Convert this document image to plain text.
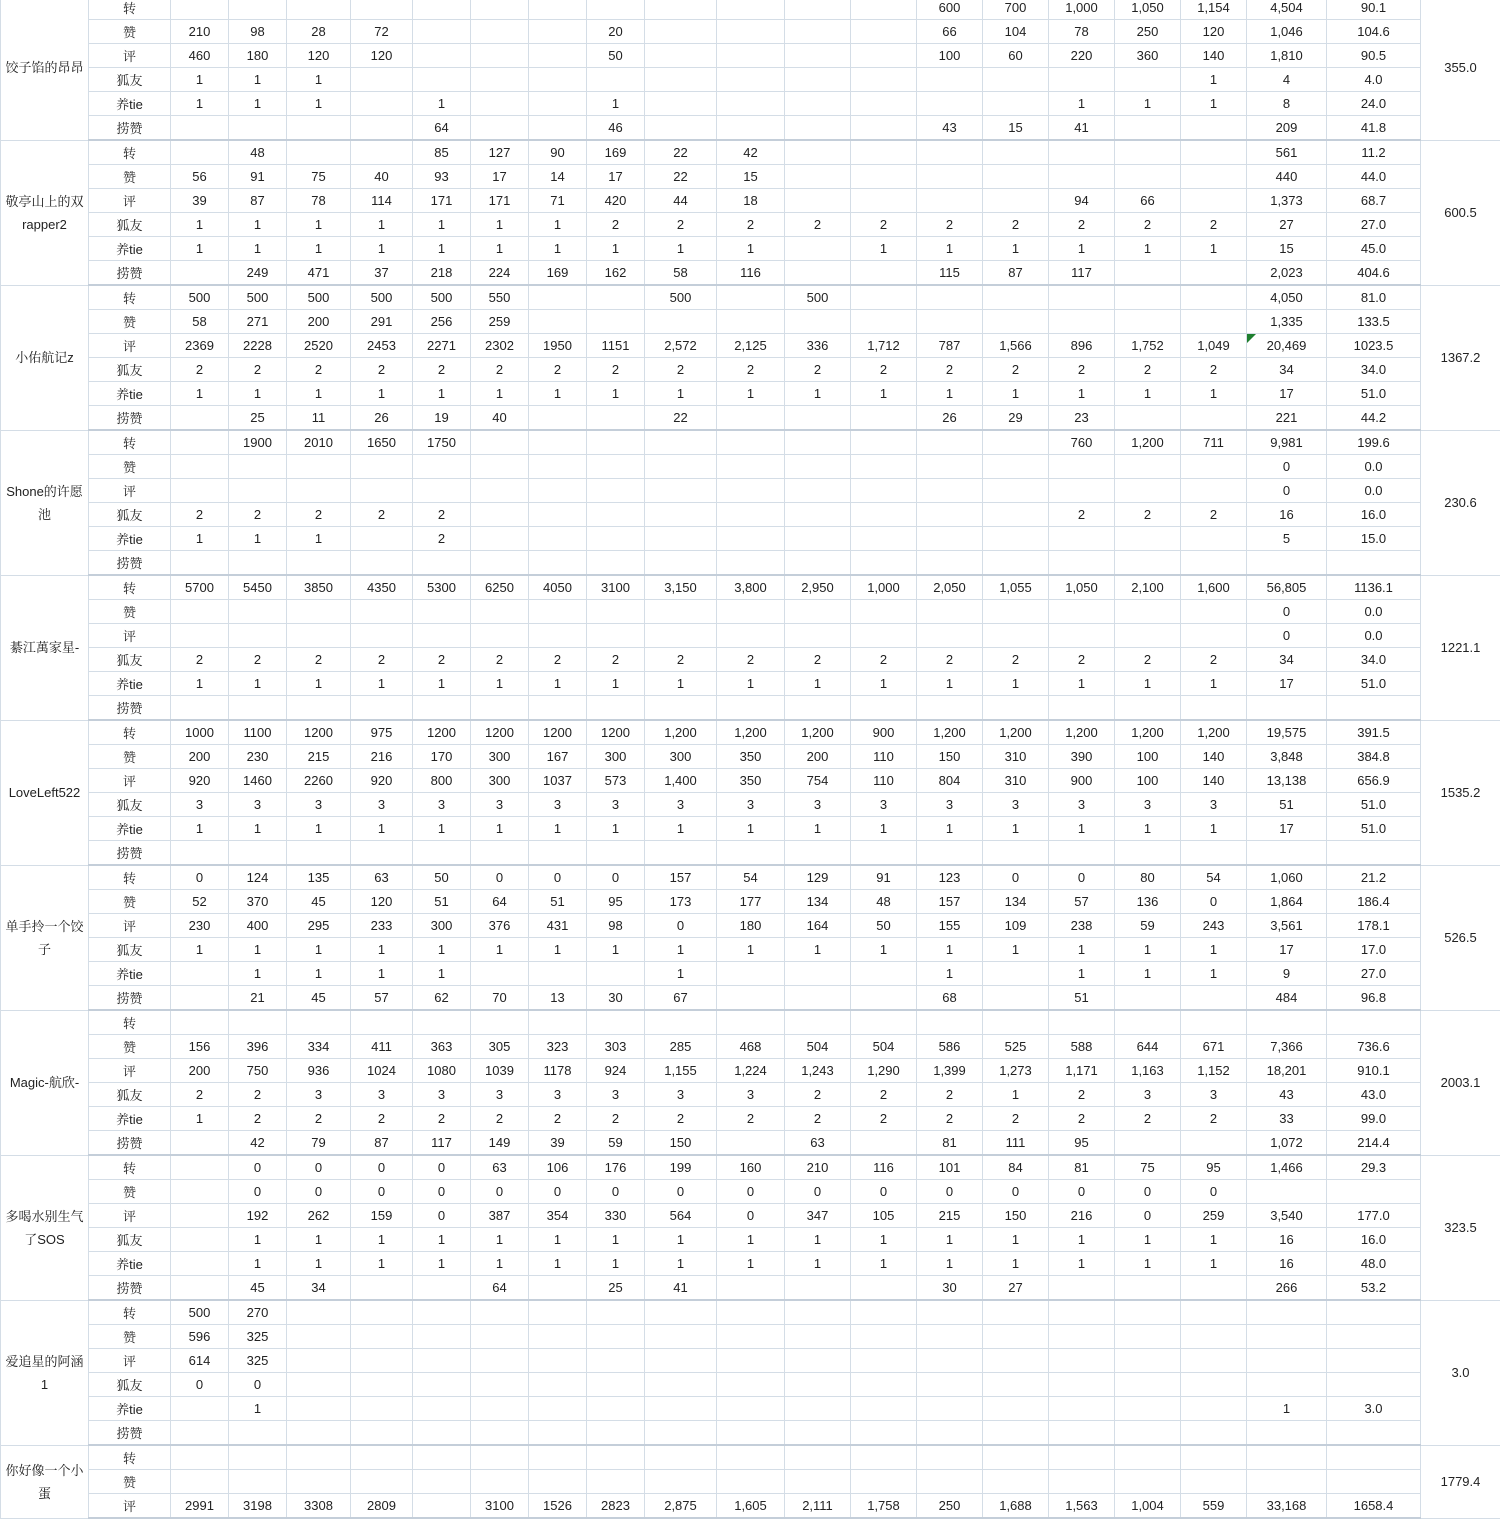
饺子馅的昂昂	转													600	700	1,000	1,050	1,154	4,504	90.1	355.0
	赞	210	98	28	72				20					66	104	78	250	120	1,046	104.6	
	评	460	180	120	120				50					100	60	220	360	140	1,810	90.5	
	狐友	1	1	1														1	4	4.0	
	养tie	1	1	1		1			1							1	1	1	8	24.0	
	捞赞					64			46					43	15	41			209	41.8	
敬亭山上的双rapper2	转		48			85	127	90	169	22	42								561	11.2	600.5
	赞	56	91	75	40	93	17	14	17	22	15								440	44.0	
	评	39	87	78	114	171	171	71	420	44	18					94	66		1,373	68.7	
	狐友	1	1	1	1	1	1	1	2	2	2	2	2	2	2	2	2	2	27	27.0	
	养tie	1	1	1	1	1	1	1	1	1	1		1	1	1	1	1	1	15	45.0	
	捞赞		249	471	37	218	224	169	162	58	116			115	87	117			2,023	404.6	
小佑航记z	转	500	500	500	500	500	550			500		500							4,050	81.0	1367.2
	赞	58	271	200	291	256	259												1,335	133.5	
	评	2369	2228	2520	2453	2271	2302	1950	1151	2,572	2,125	336	1,712	787	1,566	896	1,752	1,049	20,469	1023.5	
	狐友	2	2	2	2	2	2	2	2	2	2	2	2	2	2	2	2	2	34	34.0	
	养tie	1	1	1	1	1	1	1	1	1	1	1	1	1	1	1	1	1	17	51.0	
	捞赞		25	11	26	19	40			22				26	29	23			221	44.2	
Shone的许愿池	转		1900	2010	1650	1750										760	1,200	711	9,981	199.6	230.6
	赞																		0	0.0	
	评																		0	0.0	
	狐友	2	2	2	2	2										2	2	2	16	16.0	
	养tie	1	1	1		2													5	15.0	
	捞赞																				
綦江萬家星-	转	5700	5450	3850	4350	5300	6250	4050	3100	3,150	3,800	2,950	1,000	2,050	1,055	1,050	2,100	1,600	56,805	1136.1	1221.1
	赞																		0	0.0	
	评																		0	0.0	
	狐友	2	2	2	2	2	2	2	2	2	2	2	2	2	2	2	2	2	34	34.0	
	养tie	1	1	1	1	1	1	1	1	1	1	1	1	1	1	1	1	1	17	51.0	
	捞赞																				
LoveLeft522	转	1000	1100	1200	975	1200	1200	1200	1200	1,200	1,200	1,200	900	1,200	1,200	1,200	1,200	1,200	19,575	391.5	1535.2
	赞	200	230	215	216	170	300	167	300	300	350	200	110	150	310	390	100	140	3,848	384.8	
	评	920	1460	2260	920	800	300	1037	573	1,400	350	754	110	804	310	900	100	140	13,138	656.9	
	狐友	3	3	3	3	3	3	3	3	3	3	3	3	3	3	3	3	3	51	51.0	
	养tie	1	1	1	1	1	1	1	1	1	1	1	1	1	1	1	1	1	17	51.0	
	捞赞																				
单手拎一个饺子	转	0	124	135	63	50	0	0	0	157	54	129	91	123	0	0	80	54	1,060	21.2	526.5
	赞	52	370	45	120	51	64	51	95	173	177	134	48	157	134	57	136	0	1,864	186.4	
	评	230	400	295	233	300	376	431	98	0	180	164	50	155	109	238	59	243	3,561	178.1	
	狐友	1	1	1	1	1	1	1	1	1	1	1	1	1	1	1	1	1	17	17.0	
	养tie		1	1	1	1				1				1		1	1	1	9	27.0	
	捞赞		21	45	57	62	70	13	30	67				68		51			484	96.8	
Magic-航欣-	转																				2003.1
	赞	156	396	334	411	363	305	323	303	285	468	504	504	586	525	588	644	671	7,366	736.6	
	评	200	750	936	1024	1080	1039	1178	924	1,155	1,224	1,243	1,290	1,399	1,273	1,171	1,163	1,152	18,201	910.1	
	狐友	2	2	3	3	3	3	3	3	3	3	2	2	2	1	2	3	3	43	43.0	
	养tie	1	2	2	2	2	2	2	2	2	2	2	2	2	2	2	2	2	33	99.0	
	捞赞		42	79	87	117	149	39	59	150		63		81	111	95			1,072	214.4	
多喝水别生气了SOS	转		0	0	0	0	63	106	176	199	160	210	116	101	84	81	75	95	1,466	29.3	323.5
	赞		0	0	0	0	0	0	0	0	0	0	0	0	0	0	0	0			
	评		192	262	159	0	387	354	330	564	0	347	105	215	150	216	0	259	3,540	177.0	
	狐友		1	1	1	1	1	1	1	1	1	1	1	1	1	1	1	1	16	16.0	
	养tie		1	1	1	1	1	1	1	1	1	1	1	1	1	1	1	1	16	48.0	
	捞赞		45	34			64		25	41				30	27				266	53.2	
爱追星的阿涵1	转	500	270																		3.0
	赞	596	325																		
	评	614	325																		
	狐友	0	0																		
	养tie		1																1	3.0	
	捞赞																				
你好像一个小蛋	转																				1779.4
	赞																				
	评	2991	3198	3308	2809		3100	1526	2823	2,875	1,605	2,111	1,758	250	1,688	1,563	1,004	559	33,168	1658.4	
